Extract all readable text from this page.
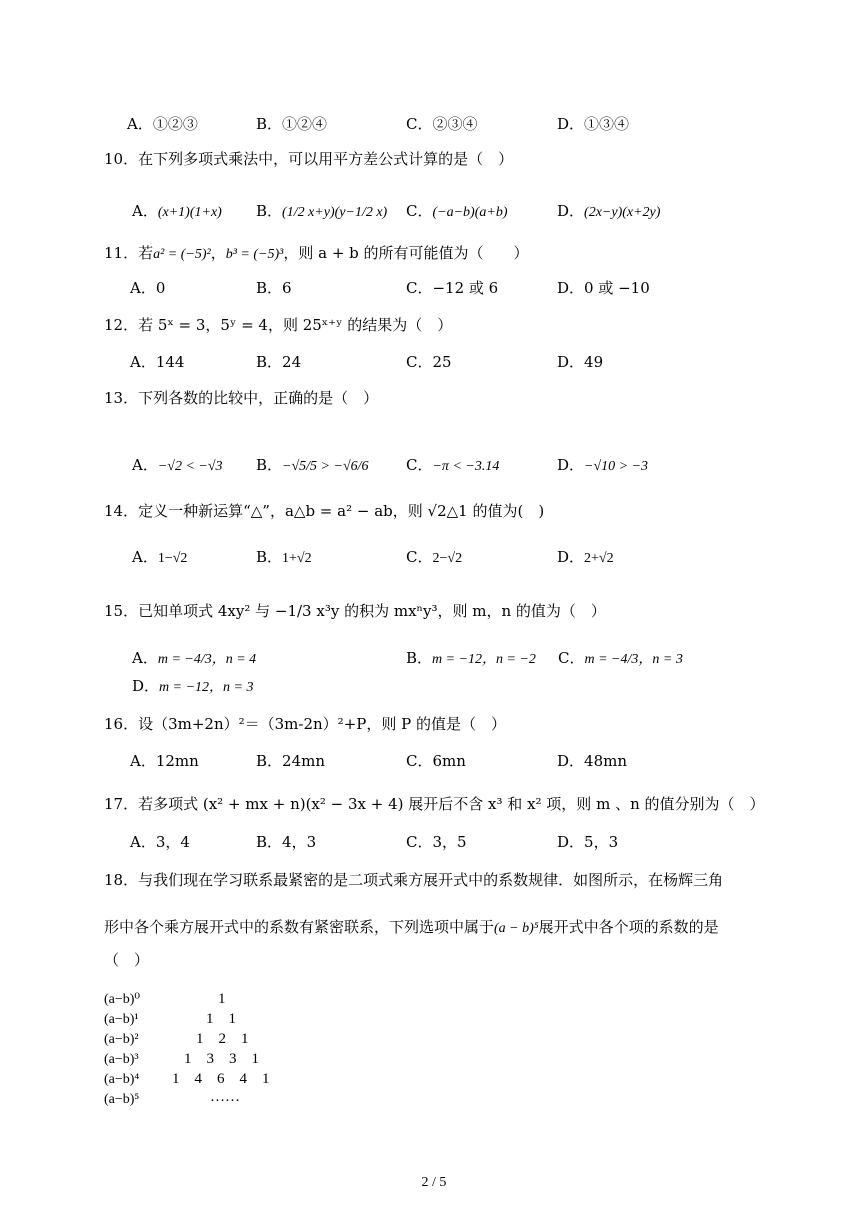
A．①②③	B．①②④	C．②③④	D．①③④
10．在下列多项式乘法中，可以用平方差公式计算的是（　）
A．(x+1)(1+x) B．(1/2 x+y)(y−1/2 x) C．(−a−b)(a+b)	D．(2x−y)(x+2y)
11．若a² = (−5)²，b³ = (−5)³，则 a + b 的所有可能值为（　　）
A．0	B．6	C．−12 或 6	D．0 或 −10
12．若 5ˣ = 3，5ʸ = 4，则 25ˣ⁺ʸ 的结果为（　）
A．144	B．24	C．25	D．49
13．下列各数的比较中，正确的是（　）
A．−√2 < −√3 B．−√5/5 > −√6/6 C．−π < −3.14	D．−√10 > −3
14．定义一种新运算“△”，a△b = a² − ab，则 √2△1 的值为(　)
A．1−√2	B．1+√2	C．2−√2	D．2+√2
15．已知单项式 4xy² 与 −1/3 x³y 的积为 mxⁿy³，则 m，n 的值为（　）
A．m = −4/3，n = 4	B．m = −12，n = −2 C．m = −4/3，n = 3
D．m = −12，n = 3
16．设（3m+2n）²＝（3m-2n）²+P，则 P 的值是（　）
A．12mn	B．24mn	C．6mn	D．48mn
17．若多项式 (x² + mx + n)(x² − 3x + 4) 展开后不含 x³ 和 x² 项，则 m 、n 的值分别为（　）
A．3，4	B．4，3	C．3，5	D．5，3
18．与我们现在学习联系最紧密的是二项式乘方展开式中的系数规律．如图所示，在杨辉三角
形中各个乘方展开式中的系数有紧密联系，下列选项中属于(a − b)⁵展开式中各个项的系数的是
（　）
(a−b)⁰	1
(a−b)¹	1　1
(a−b)²	1　2　1
(a−b)³	1　3　3　1
(a−b)⁴ 1　4　6　4　1
(a−b)⁵	……
2 / 5
